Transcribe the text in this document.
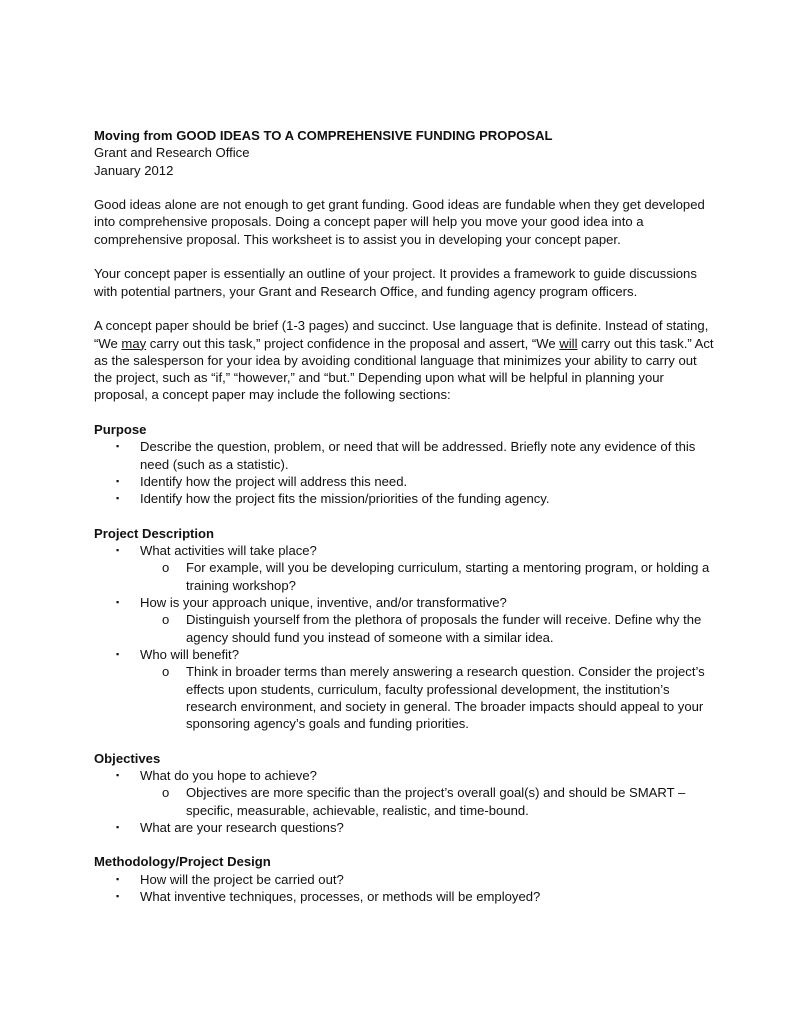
Moving from GOOD IDEAS TO A COMPREHENSIVE FUNDING PROPOSAL

Grant and Research Office

January 2012

Good ideas alone are not enough to get grant funding. Good ideas are fundable when they get developed into comprehensive proposals. Doing a concept paper will help you move your good idea into a comprehensive proposal. This worksheet is to assist you in developing your concept paper.

Your concept paper is essentially an outline of your project. It provides a framework to guide discussions with potential partners, your Grant and Research Office, and funding agency program officers.

A concept paper should be brief (1-3 pages) and succinct. Use language that is definite. Instead of stating, “We may carry out this task,” project confidence in the proposal and assert, “We will carry out this task.” Act as the salesperson for your idea by avoiding conditional language that minimizes your ability to carry out the project, such as “if,” “however,” and “but.” Depending upon what will be helpful in planning your proposal, a concept paper may include the following sections:

Purpose

▪ Describe the question, problem, or need that will be addressed. Briefly note any evidence of this need (such as a statistic).
▪ Identify how the project will address this need.
▪ Identify how the project fits the mission/priorities of the funding agency.

Project Description

▪ What activities will take place?
o For example, will you be developing curriculum, starting a mentoring program, or holding a training workshop?
▪ How is your approach unique, inventive, and/or transformative?
o Distinguish yourself from the plethora of proposals the funder will receive. Define why the agency should fund you instead of someone with a similar idea.
▪ Who will benefit?
o Think in broader terms than merely answering a research question. Consider the project’s effects upon students, curriculum, faculty professional development, the institution’s research environment, and society in general. The broader impacts should appeal to your sponsoring agency’s goals and funding priorities.

Objectives

▪ What do you hope to achieve?
o Objectives are more specific than the project’s overall goal(s) and should be SMART – specific, measurable, achievable, realistic, and time-bound.
▪ What are your research questions?

Methodology/Project Design

▪ How will the project be carried out?
▪ What inventive techniques, processes, or methods will be employed?
